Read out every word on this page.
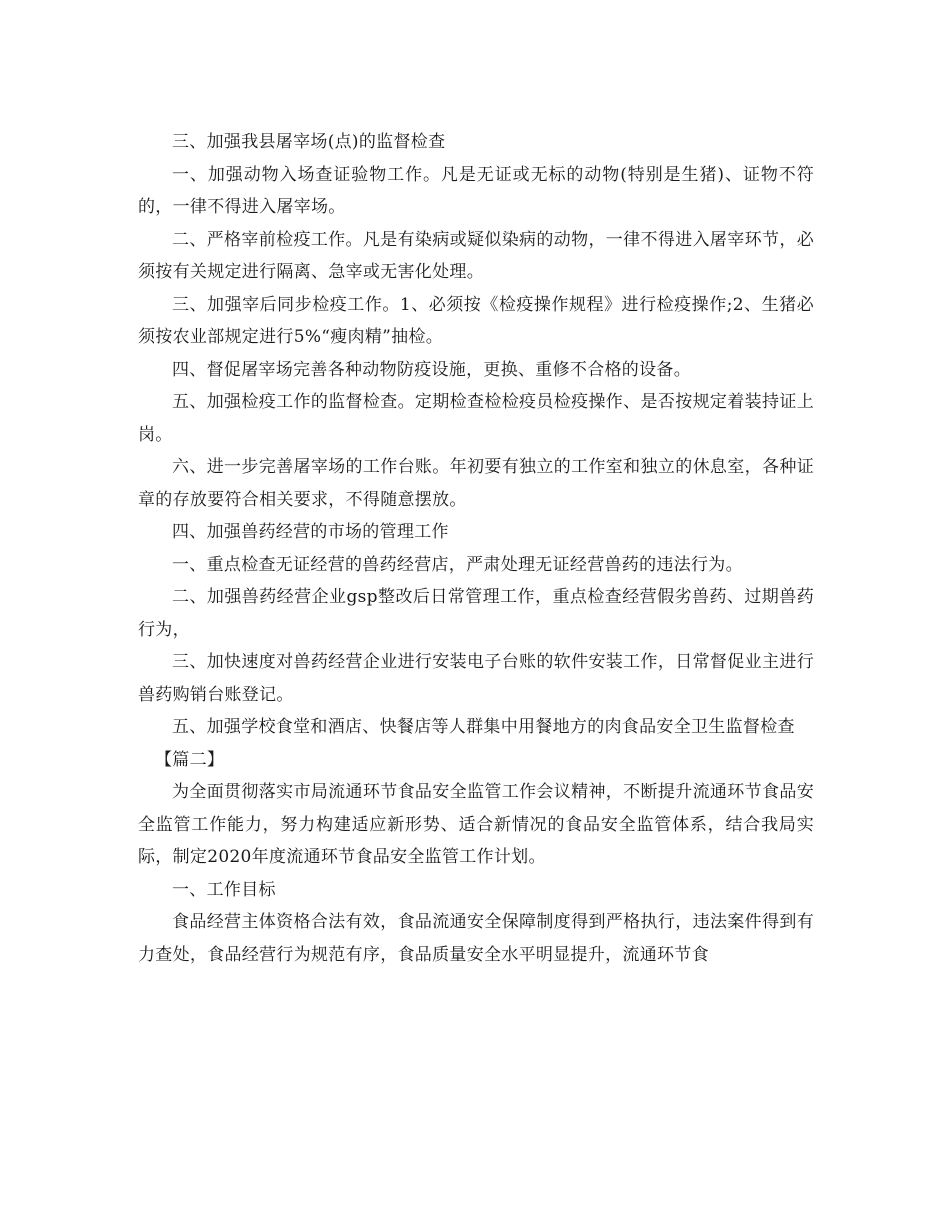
三、加强我县屠宰场(点)的监督检查

一、加强动物入场查证验物工作。凡是无证或无标的动物(特别是生猪)、证物不符的，一律不得进入屠宰场。

二、严格宰前检疫工作。凡是有染病或疑似染病的动物，一律不得进入屠宰环节，必须按有关规定进行隔离、急宰或无害化处理。

三、加强宰后同步检疫工作。1、必须按《检疫操作规程》进行检疫操作;2、生猪必须按农业部规定进行5%“瘦肉精”抽检。

四、督促屠宰场完善各种动物防疫设施，更换、重修不合格的设备。

五、加强检疫工作的监督检查。定期检查检检疫员检疫操作、是否按规定着装持证上岗。

六、进一步完善屠宰场的工作台账。年初要有独立的工作室和独立的休息室，各种证章的存放要符合相关要求，不得随意摆放。

四、加强兽药经营的市场的管理工作

一、重点检查无证经营的兽药经营店，严肃处理无证经营兽药的违法行为。

二、加强兽药经营企业gsp整改后日常管理工作，重点检查经营假劣兽药、过期兽药行为，

三、加快速度对兽药经营企业进行安装电子台账的软件安装工作，日常督促业主进行兽药购销台账登记。

五、加强学校食堂和酒店、快餐店等人群集中用餐地方的肉食品安全卫生监督检查

【篇二】

为全面贯彻落实市局流通环节食品安全监管工作会议精神，不断提升流通环节食品安全监管工作能力，努力构建适应新形势、适合新情况的食品安全监管体系，结合我局实际，制定2020年度流通环节食品安全监管工作计划。

一、工作目标

食品经营主体资格合法有效，食品流通安全保障制度得到严格执行，违法案件得到有力查处，食品经营行为规范有序，食品质量安全水平明显提升，流通环节食
